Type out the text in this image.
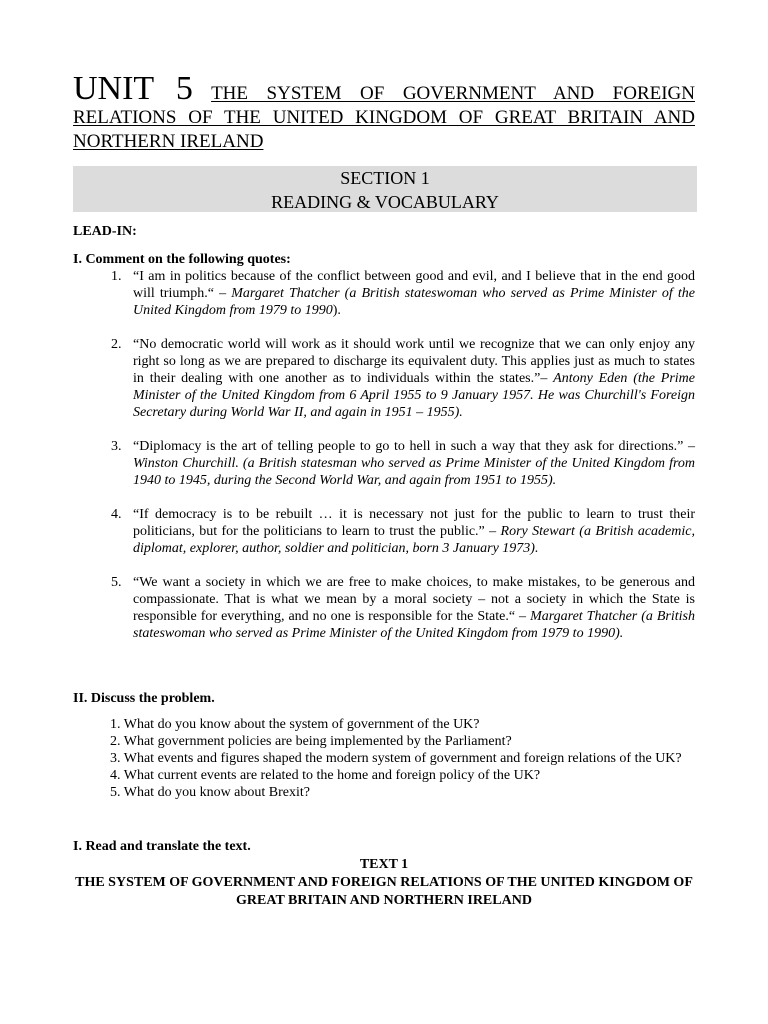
UNIT 5 THE SYSTEM OF GOVERNMENT AND FOREIGN RELATIONS OF THE UNITED KINGDOM OF GREAT BRITAIN AND NORTHERN IRELAND
SECTION 1
READING & VOCABULARY
LEAD-IN:
I. Comment on the following quotes:
1. “I am in politics because of the conflict between good and evil, and I believe that in the end good will triumph.“ – Margaret Thatcher (a British stateswoman who served as Prime Minister of the United Kingdom from 1979 to 1990).
2. “No democratic world will work as it should work until we recognize that we can only enjoy any right so long as we are prepared to discharge its equivalent duty. This applies just as much to states in their dealing with one another as to individuals within the states.”– Antony Eden (the Prime Minister of the United Kingdom from 6 April 1955 to 9 January 1957. He was Churchill's Foreign Secretary during World War II, and again in 1951 – 1955).
3. “Diplomacy is the art of telling people to go to hell in such a way that they ask for directions.” – Winston Churchill. (a British statesman who served as Prime Minister of the United Kingdom from 1940 to 1945, during the Second World War, and again from 1951 to 1955).
4. “If democracy is to be rebuilt … it is necessary not just for the public to learn to trust their politicians, but for the politicians to learn to trust the public.” – Rory Stewart (a British academic, diplomat, explorer, author, soldier and politician, born 3 January 1973).
5. “We want a society in which we are free to make choices, to make mistakes, to be generous and compassionate. That is what we mean by a moral society – not a society in which the State is responsible for everything, and no one is responsible for the State.“ – Margaret Thatcher (a British stateswoman who served as Prime Minister of the United Kingdom from 1979 to 1990).
II. Discuss the problem.
1. What do you know about the system of government of the UK?
2. What government policies are being implemented by the Parliament?
3. What events and figures shaped the modern system of government and foreign relations of the UK?
4. What current events are related to the home and foreign policy of the UK?
5. What do you know about Brexit?
I. Read and translate the text.
TEXT 1
THE SYSTEM OF GOVERNMENT AND FOREIGN RELATIONS OF THE UNITED KINGDOM OF GREAT BRITAIN AND NORTHERN IRELAND
